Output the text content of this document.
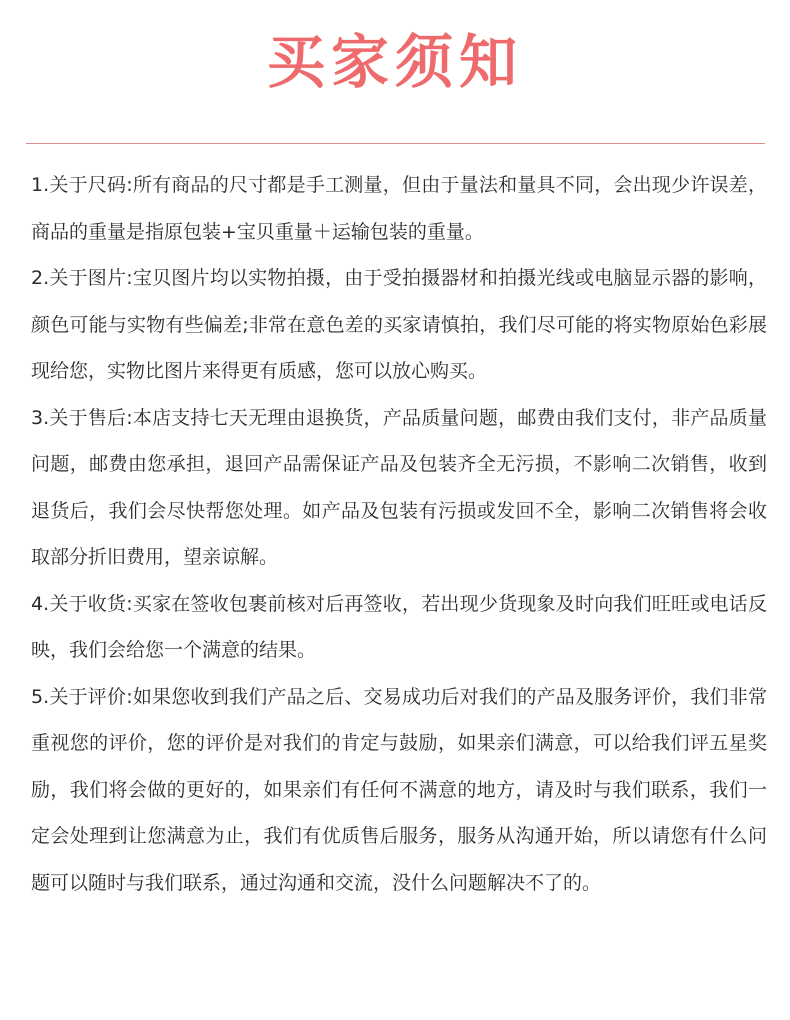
买家须知

1.关于尺码:所有商品的尺寸都是手工测量，但由于量法和量具不同，会出现少许误差，商品的重量是指原包装+宝贝重量＋运输包装的重量。

2.关于图片:宝贝图片均以实物拍摄，由于受拍摄器材和拍摄光线或电脑显示器的影响，颜色可能与实物有些偏差;非常在意色差的买家请慎拍，我们尽可能的将实物原始色彩展现给您，实物比图片来得更有质感，您可以放心购买。

3.关于售后:本店支持七天无理由退换货，产品质量问题，邮费由我们支付，非产品质量问题，邮费由您承担，退回产品需保证产品及包装齐全无污损，不影响二次销售，收到退货后，我们会尽快帮您处理。如产品及包装有污损或发回不全，影响二次销售将会收取部分折旧费用，望亲谅解。

4.关于收货:买家在签收包裹前核对后再签收，若出现少货现象及时向我们旺旺或电话反映，我们会给您一个满意的结果。

5.关于评价:如果您收到我们产品之后、交易成功后对我们的产品及服务评价，我们非常重视您的评价，您的评价是对我们的肯定与鼓励，如果亲们满意，可以给我们评五星奖励，我们将会做的更好的，如果亲们有任何不满意的地方，请及时与我们联系，我们一定会处理到让您满意为止，我们有优质售后服务，服务从沟通开始，所以请您有什么问题可以随时与我们联系，通过沟通和交流，没什么问题解决不了的。
